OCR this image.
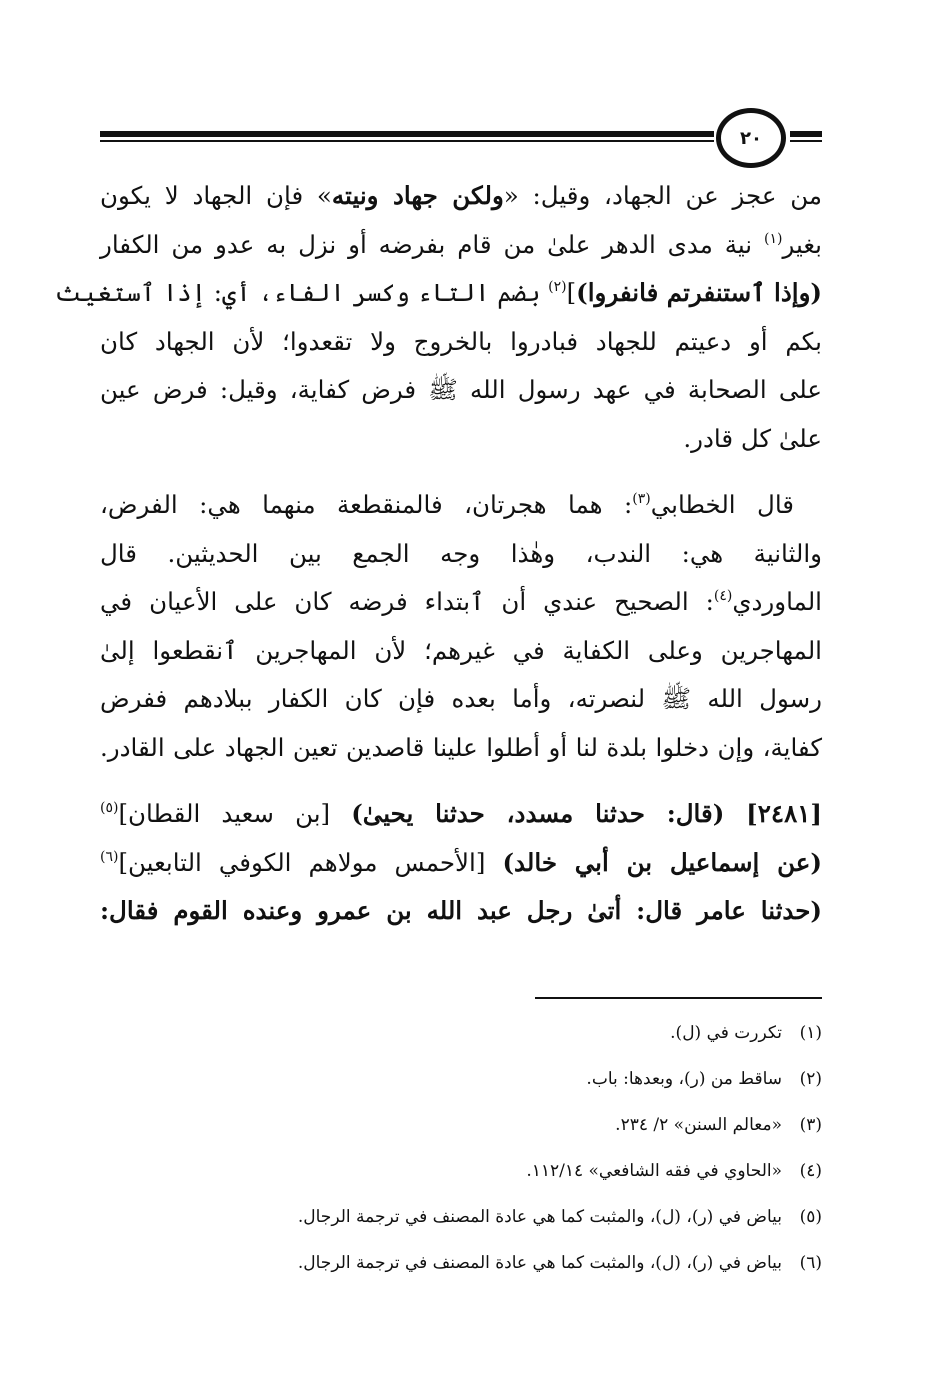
٢٠
من عجز عن الجهاد، وقيل: «ولكن جهاد ونيته» فإن الجهاد لا يكون
بغير$^{(١)}$ نية مدى الدهر علىٰ من قام بفرضه أو نزل به عدو من الكفار
(وإذا ٱستنفرتم فانفروا)]$^{(٢)}$ بضم التاء وكسر الفاء، أي: إذا ٱستغيث
بكم أو دعيتم للجهاد فبادروا بالخروج ولا تقعدوا؛ لأن الجهاد كان
على الصحابة في عهد رسول الله ﷺ فرض كفاية، وقيل: فرض عين
علىٰ كل قادر.
قال الخطابي$^{(٣)}$: هما هجرتان، فالمنقطعة منهما هي: الفرض،
والثانية هي: الندب، وهٰذا وجه الجمع بين الحديثين. قال
الماوردي$^{(٤)}$: الصحيح عندي أن ٱبتداء فرضه كان على الأعيان في
المهاجرين وعلى الكفاية في غيرهم؛ لأن المهاجرين ٱنقطعوا إلىٰ
رسول الله ﷺ لنصرته، وأما بعده فإن كان الكفار ببلادهم ففرض
كفاية، وإن دخلوا بلدة لنا أو أطلوا علينا قاصدين تعين الجهاد على القادر.
[٢٤٨١] (قال: حدثنا مسدد، حدثنا يحيىٰ) [بن سعيد القطان]$^{(٥)}$
(عن إسماعيل بن أبي خالد) [الأحمس مولاهم الكوفي التابعين]$^{(٦)}$
(حدثنا عامر قال: أتىٰ رجل عبد الله بن عمرو وعنده القوم فقال:
(١)
تكررت في (ل).
(٢)
ساقط من (ر)، وبعدها: باب.
(٣)
«معالم السنن» ٢/ ٢٣٤.
(٤)
«الحاوي في فقه الشافعي» ١١٢/١٤.
(٥)
بياض في (ر)، (ل)، والمثبت كما هي عادة المصنف في ترجمة الرجال.
(٦)
بياض في (ر)، (ل)، والمثبت كما هي عادة المصنف في ترجمة الرجال.
